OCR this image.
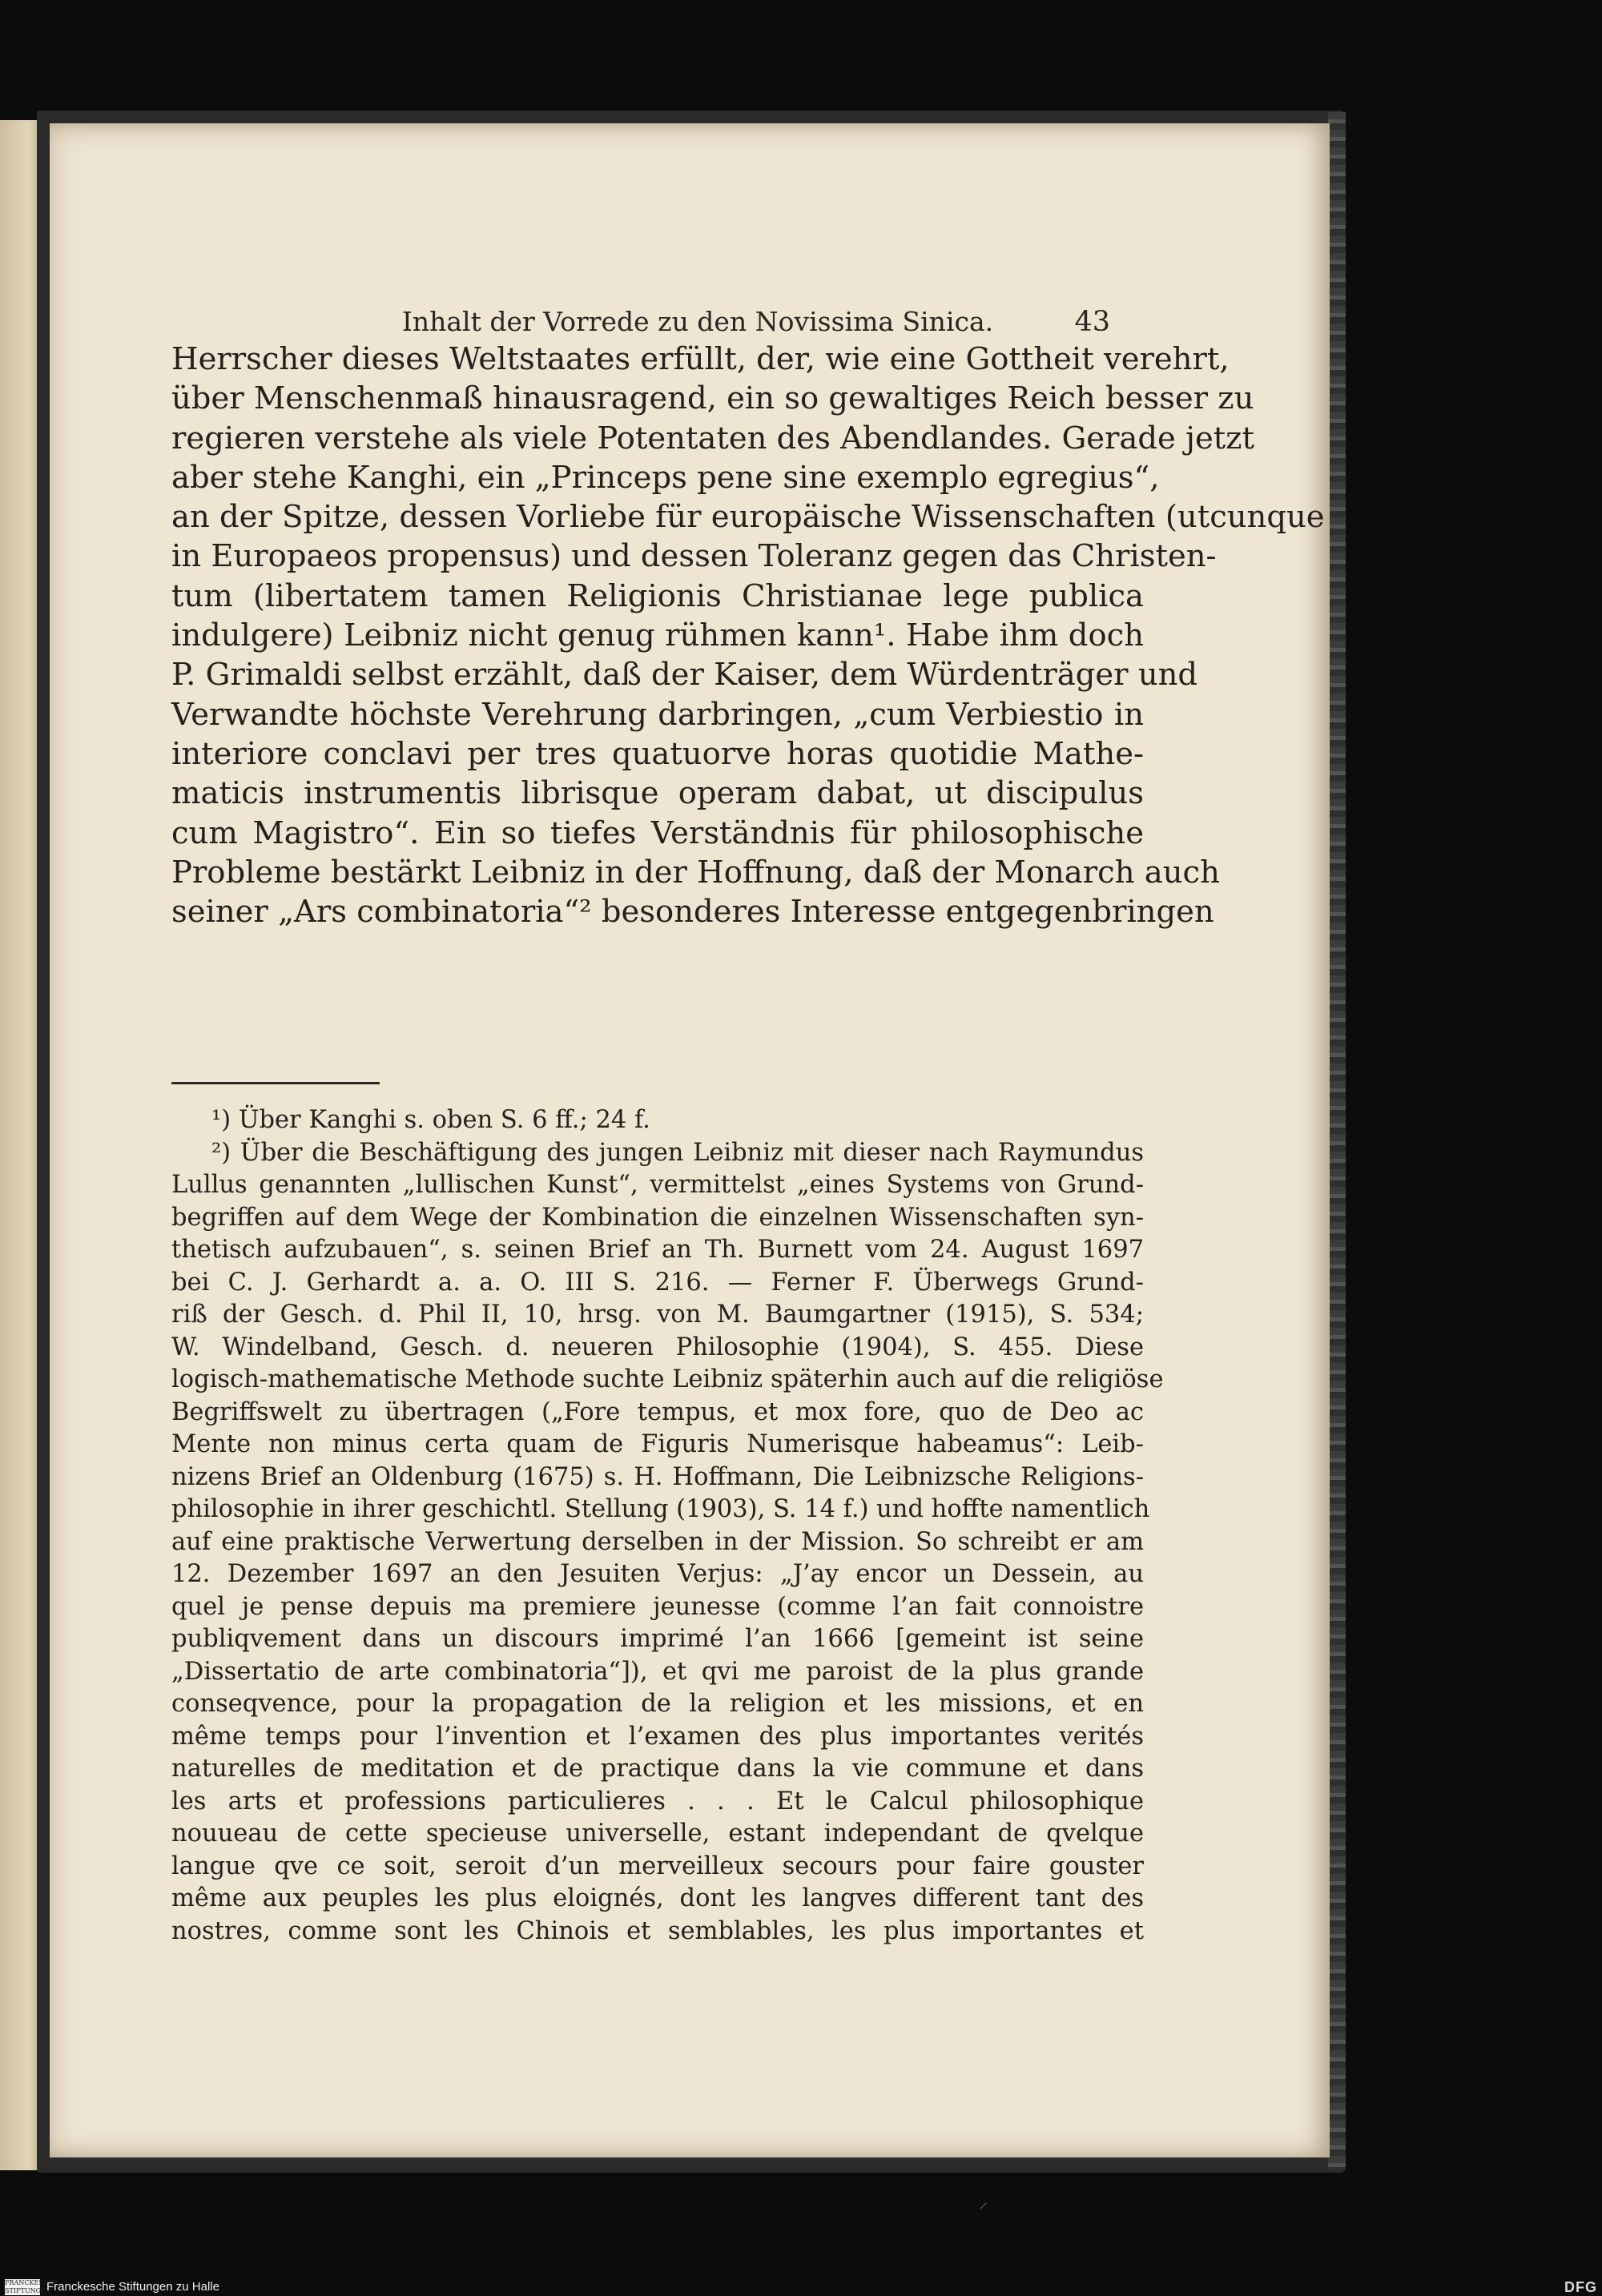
Inhalt der Vorrede zu den Novissima Sinica.	43
Herrscher dieses Weltstaates erfüllt, der, wie eine Gottheit verehrt,
über Menschenmaß hinausragend, ein so gewaltiges Reich besser zu
regieren verstehe als viele Potentaten des Abendlandes. Gerade jetzt
aber stehe Kanghi, ein „Princeps pene sine exemplo egregius“,
an der Spitze, dessen Vorliebe für europäische Wissenschaften (utcunque
in Europaeos propensus) und dessen Toleranz gegen das Christen-
tum (libertatem tamen Religionis Christianae lege publica
indulgere) Leibniz nicht genug rühmen kann¹. Habe ihm doch
P. Grimaldi selbst erzählt, daß der Kaiser, dem Würdenträger und
Verwandte höchste Verehrung darbringen, „cum Verbiestio in
interiore conclavi per tres quatuorve horas quotidie Mathe-
maticis instrumentis librisque operam dabat, ut discipulus
cum Magistro“. Ein so tiefes Verständnis für philosophische
Probleme bestärkt Leibniz in der Hoffnung, daß der Monarch auch
seiner „Ars combinatoria“² besonderes Interesse entgegenbringen
¹) Über Kanghi s. oben S. 6 ff.; 24 f.
²) Über die Beschäftigung des jungen Leibniz mit dieser nach Raymundus
Lullus genannten „lullischen Kunst“, vermittelst „eines Systems von Grund-
begriffen auf dem Wege der Kombination die einzelnen Wissenschaften syn-
thetisch aufzubauen“, s. seinen Brief an Th. Burnett vom 24. August 1697
bei C. J. Gerhardt a. a. O. III S. 216. — Ferner F. Überwegs Grund-
riß der Gesch. d. Phil II, 10, hrsg. von M. Baumgartner (1915), S. 534;
W. Windelband, Gesch. d. neueren Philosophie (1904), S. 455. Diese
logisch-mathematische Methode suchte Leibniz späterhin auch auf die religiöse
Begriffswelt zu übertragen („Fore tempus, et mox fore, quo de Deo ac
Mente non minus certa quam de Figuris Numerisque habeamus“: Leib-
nizens Brief an Oldenburg (1675) s. H. Hoffmann, Die Leibnizsche Religions-
philosophie in ihrer geschichtl. Stellung (1903), S. 14 f.) und hoffte namentlich
auf eine praktische Verwertung derselben in der Mission. So schreibt er am
12. Dezember 1697 an den Jesuiten Verjus: „J’ay encor un Dessein, au
quel je pense depuis ma premiere jeunesse (comme l’an fait connoistre
publiqvement dans un discours imprimé l’an 1666 [gemeint ist seine
„Dissertatio de arte combinatoria“]), et qvi me paroist de la plus grande
conseqvence, pour la propagation de la religion et les missions, et en
même temps pour l’invention et l’examen des plus importantes verités
naturelles de meditation et de practique dans la vie commune et dans
les arts et professions particulieres . . . Et le Calcul philosophique
nouueau de cette specieuse universelle, estant independant de qvelque
langue qve ce soit, seroit d’un merveilleux secours pour faire gouster
même aux peuples les plus eloignés, dont les langves different tant des
nostres, comme sont les Chinois et semblables, les plus importantes et
⸝
FRANCKESCHE STIFTUNGEN
Franckesche Stiftungen zu Halle	DFG
